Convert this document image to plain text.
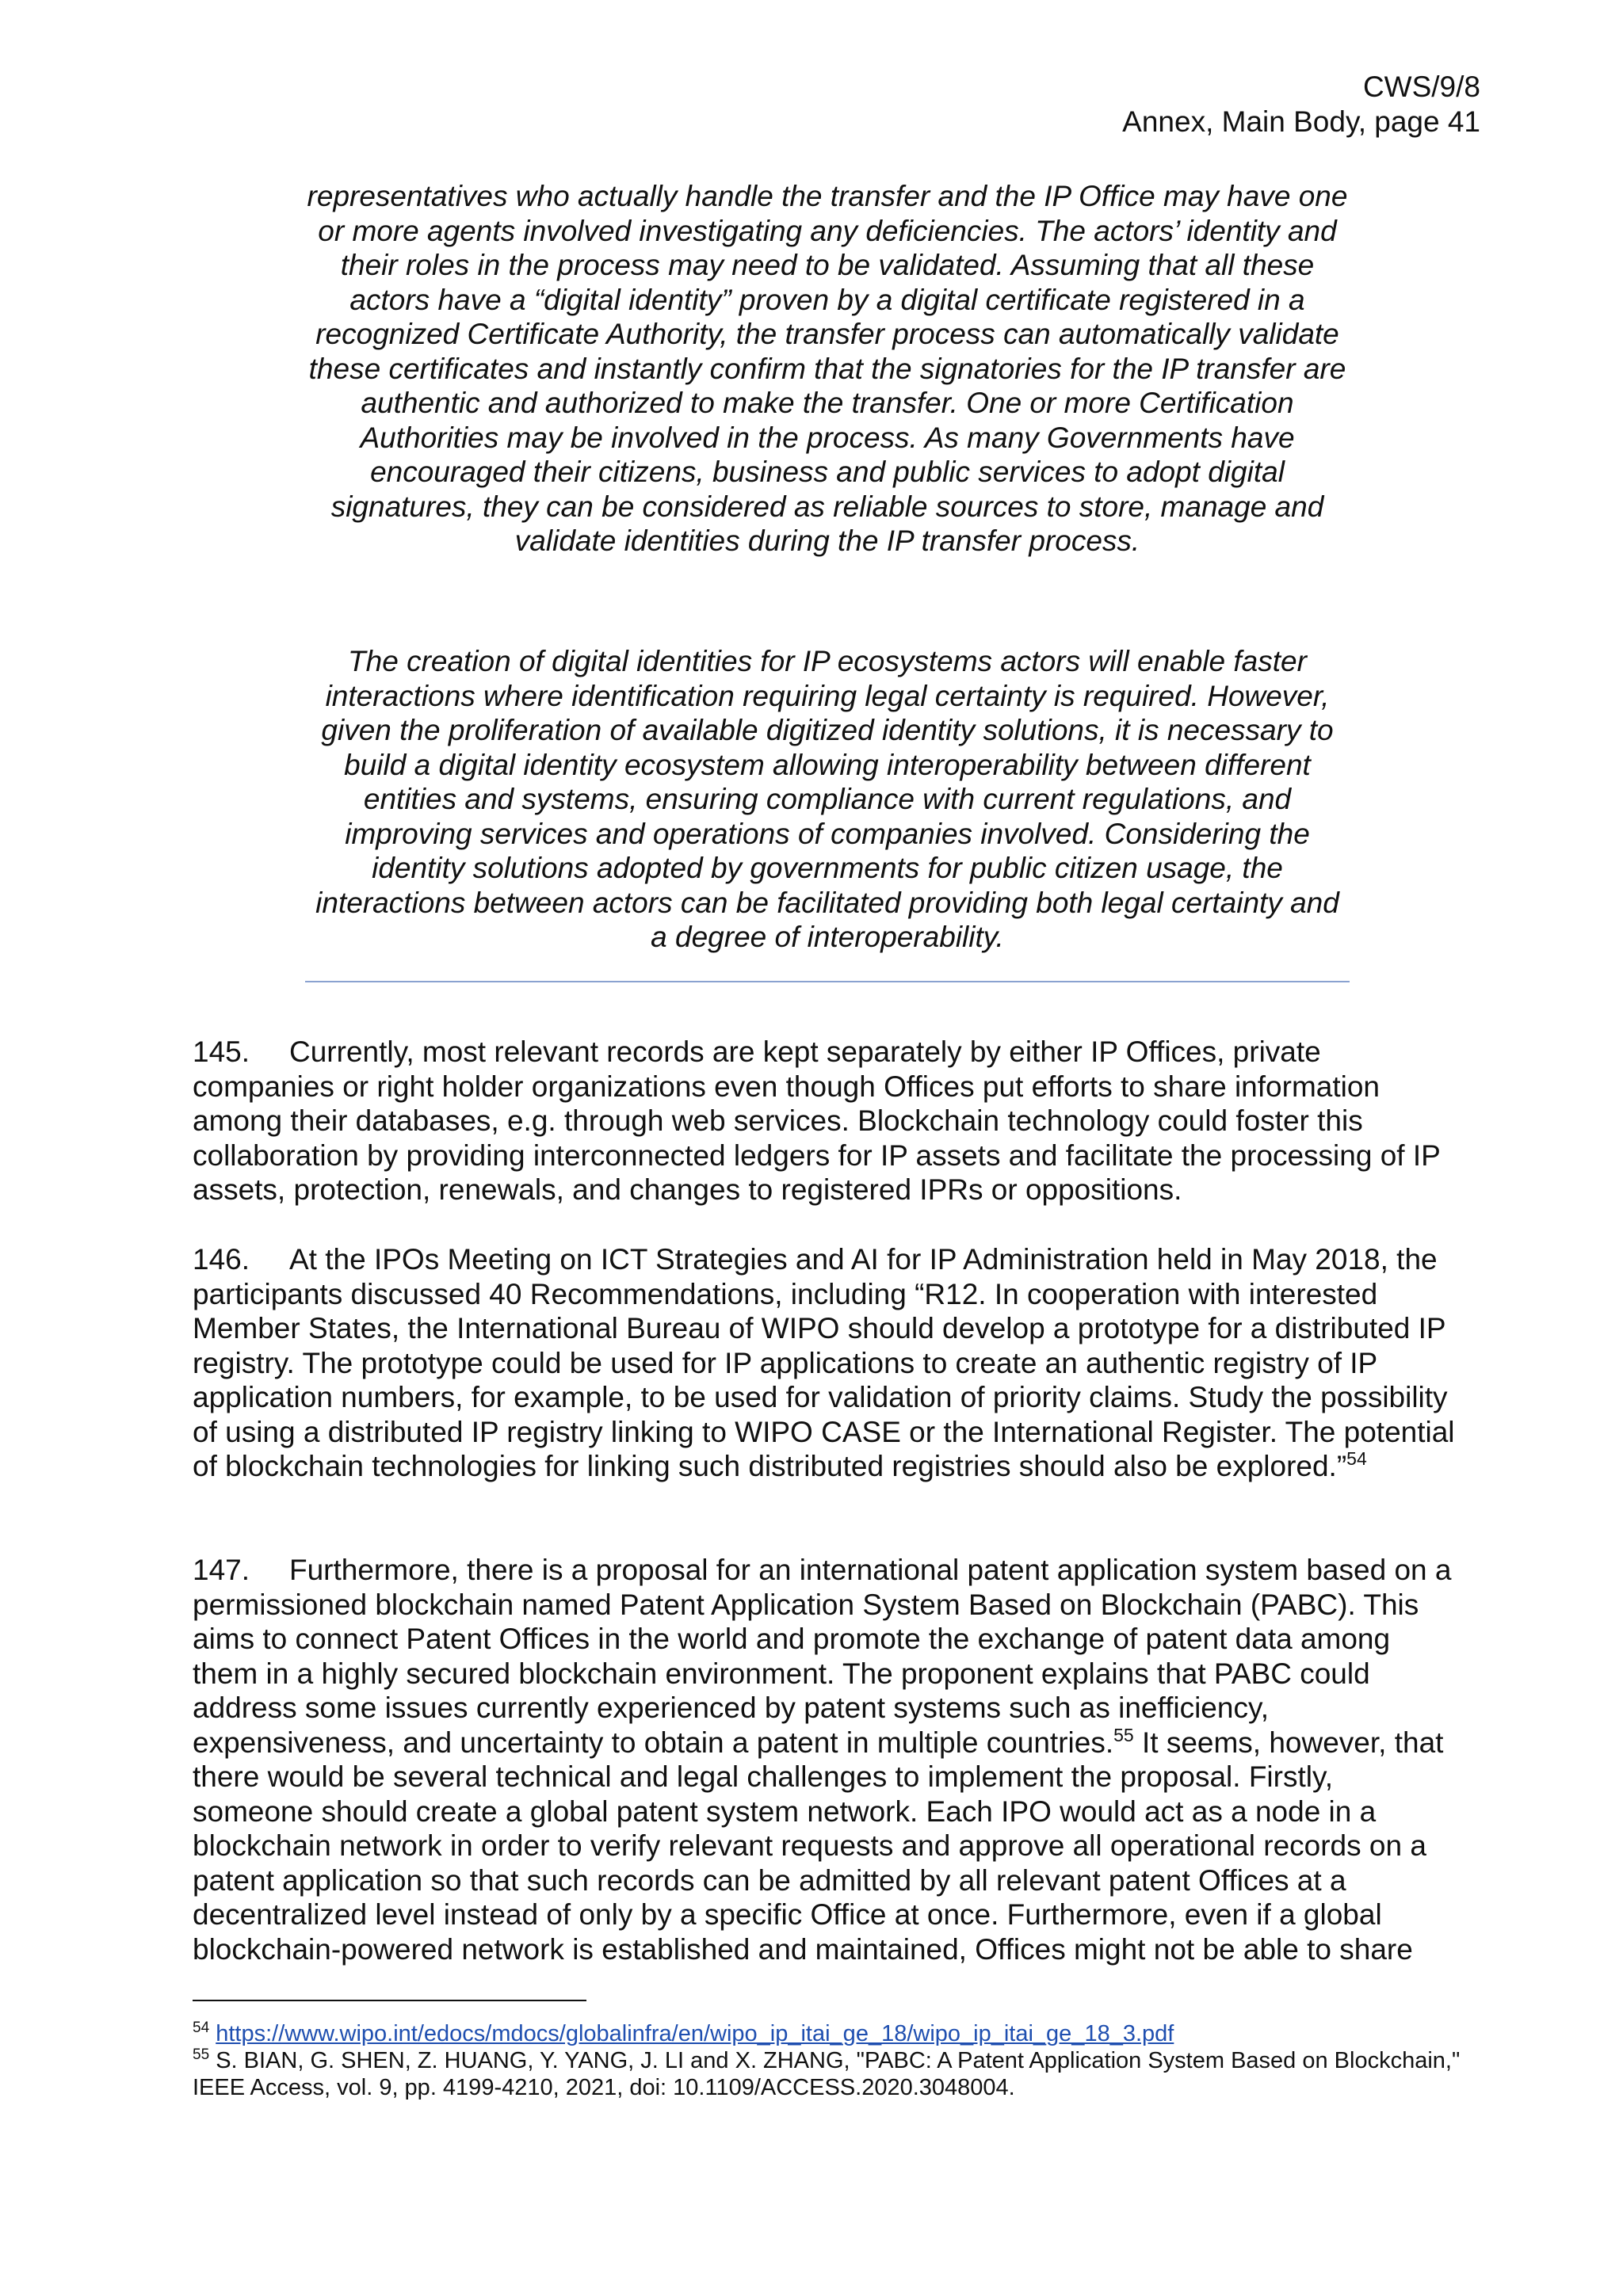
CWS/9/8
Annex, Main Body, page 41

representatives who actually handle the transfer and the IP Office may have one or more agents involved investigating any deficiencies. The actors’ identity and their roles in the process may need to be validated. Assuming that all these actors have a “digital identity” proven by a digital certificate registered in a recognized Certificate Authority, the transfer process can automatically validate these certificates and instantly confirm that the signatories for the IP transfer are authentic and authorized to make the transfer. One or more Certification Authorities may be involved in the process. As many Governments have encouraged their citizens, business and public services to adopt digital signatures, they can be considered as reliable sources to store, manage and validate identities during the IP transfer process.

The creation of digital identities for IP ecosystems actors will enable faster interactions where identification requiring legal certainty is required. However, given the proliferation of available digitized identity solutions, it is necessary to build a digital identity ecosystem allowing interoperability between different entities and systems, ensuring compliance with current regulations, and improving services and operations of companies involved. Considering the identity solutions adopted by governments for public citizen usage, the interactions between actors can be facilitated providing both legal certainty and a degree of interoperability.

145. Currently, most relevant records are kept separately by either IP Offices, private companies or right holder organizations even though Offices put efforts to share information among their databases, e.g. through web services. Blockchain technology could foster this collaboration by providing interconnected ledgers for IP assets and facilitate the processing of IP assets, protection, renewals, and changes to registered IPRs or oppositions.

146. At the IPOs Meeting on ICT Strategies and AI for IP Administration held in May 2018, the participants discussed 40 Recommendations, including “R12. In cooperation with interested Member States, the International Bureau of WIPO should develop a prototype for a distributed IP registry. The prototype could be used for IP applications to create an authentic registry of IP application numbers, for example, to be used for validation of priority claims. Study the possibility of using a distributed IP registry linking to WIPO CASE or the International Register. The potential of blockchain technologies for linking such distributed registries should also be explored.”$^{54}$

147. Furthermore, there is a proposal for an international patent application system based on a permissioned blockchain named Patent Application System Based on Blockchain (PABC). This aims to connect Patent Offices in the world and promote the exchange of patent data among them in a highly secured blockchain environment. The proponent explains that PABC could address some issues currently experienced by patent systems such as inefficiency, expensiveness, and uncertainty to obtain a patent in multiple countries.$^{55}$ It seems, however, that there would be several technical and legal challenges to implement the proposal. Firstly, someone should create a global patent system network. Each IPO would act as a node in a blockchain network in order to verify relevant requests and approve all operational records on a patent application so that such records can be admitted by all relevant patent Offices at a decentralized level instead of only by a specific Office at once. Furthermore, even if a global blockchain-powered network is established and maintained, Offices might not be able to share

$^{54}$ https://www.wipo.int/edocs/mdocs/globalinfra/en/wipo_ip_itai_ge_18/wipo_ip_itai_ge_18_3.pdf

$^{55}$ S. BIAN, G. SHEN, Z. HUANG, Y. YANG, J. LI and X. ZHANG, "PABC: A Patent Application System Based on Blockchain," IEEE Access, vol. 9, pp. 4199-4210, 2021, doi: 10.1109/ACCESS.2020.3048004.
